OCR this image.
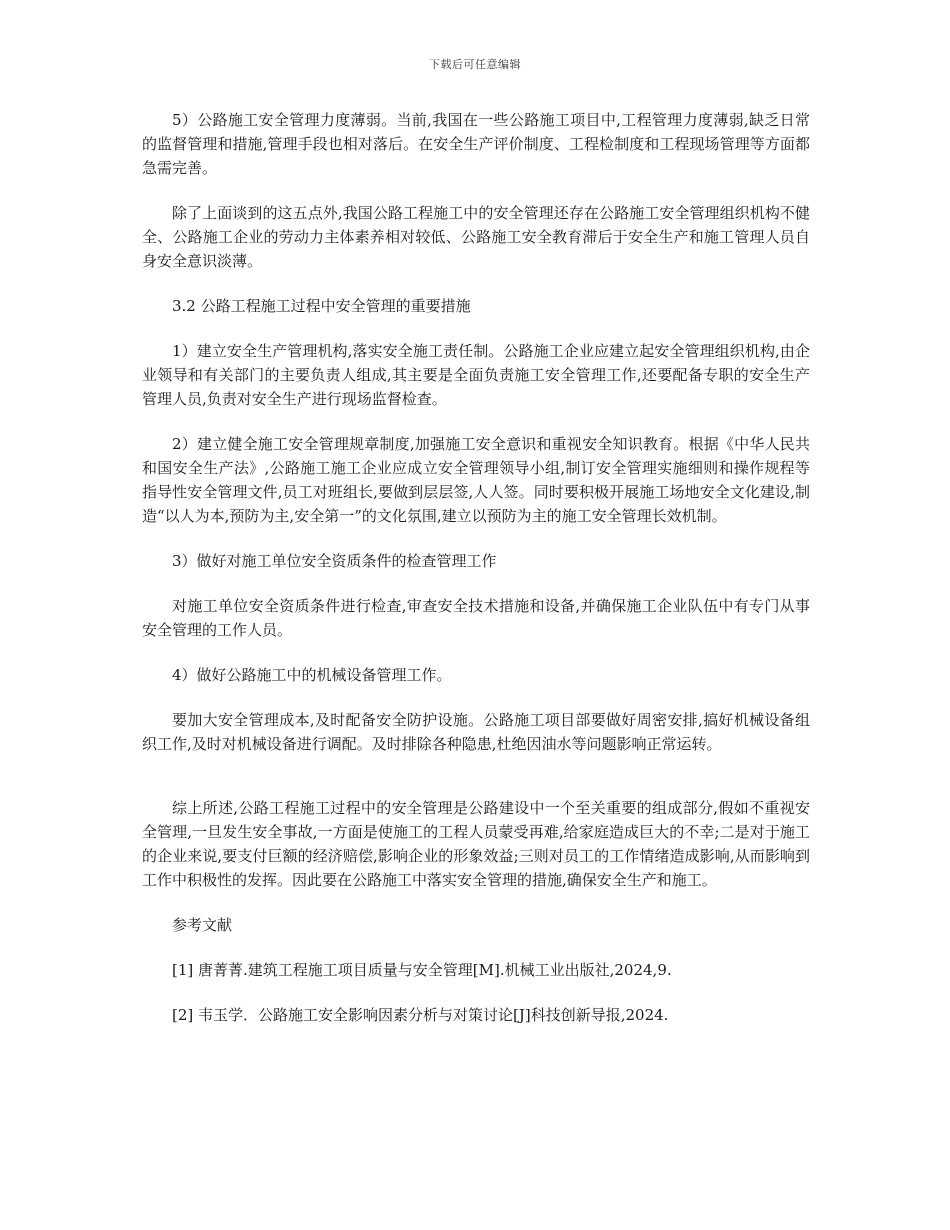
下载后可任意编辑

5）公路施工安全管理力度薄弱。当前,我国在一些公路施工项目中,工程管理力度薄弱,缺乏日常的监督管理和措施,管理手段也相对落后。在安全生产评价制度、工程检制度和工程现场管理等方面都急需完善。

除了上面谈到的这五点外,我国公路工程施工中的安全管理还存在公路施工安全管理组织机构不健全、公路施工企业的劳动力主体素养相对较低、公路施工安全教育滞后于安全生产和施工管理人员自身安全意识淡薄。

3.2 公路工程施工过程中安全管理的重要措施

1）建立安全生产管理机构,落实安全施工责任制。公路施工企业应建立起安全管理组织机构,由企业领导和有关部门的主要负责人组成,其主要是全面负责施工安全管理工作,还要配备专职的安全生产管理人员,负责对安全生产进行现场监督检查。

2）建立健全施工安全管理规章制度,加强施工安全意识和重视安全知识教育。根据《中华人民共和国安全生产法》,公路施工施工企业应成立安全管理领导小组,制订安全管理实施细则和操作规程等指导性安全管理文件,员工对班组长,要做到层层签,人人签。同时要积极开展施工场地安全文化建设,制造“以人为本,预防为主,安全第一”的文化氛围,建立以预防为主的施工安全管理长效机制。

3）做好对施工单位安全资质条件的检查管理工作

对施工单位安全资质条件进行检查,审查安全技术措施和设备,并确保施工企业队伍中有专门从事安全管理的工作人员。

4）做好公路施工中的机械设备管理工作。

要加大安全管理成本,及时配备安全防护设施。公路施工项目部要做好周密安排,搞好机械设备组织工作,及时对机械设备进行调配。及时排除各种隐患,杜绝因油水等问题影响正常运转。

综上所述,公路工程施工过程中的安全管理是公路建设中一个至关重要的组成部分,假如不重视安全管理,一旦发生安全事故,一方面是使施工的工程人员蒙受再难,给家庭造成巨大的不幸;二是对于施工的企业来说,要支付巨额的经济赔偿,影响企业的形象效益;三则对员工的工作情绪造成影响,从而影响到工作中积极性的发挥。因此要在公路施工中落实安全管理的措施,确保安全生产和施工。

参考文献

[1] 唐菁菁.建筑工程施工项目质量与安全管理[M].机械工业出版社,2024,9.

[2] 韦玉学．公路施工安全影响因素分析与对策讨论[J]科技创新导报,2024.
